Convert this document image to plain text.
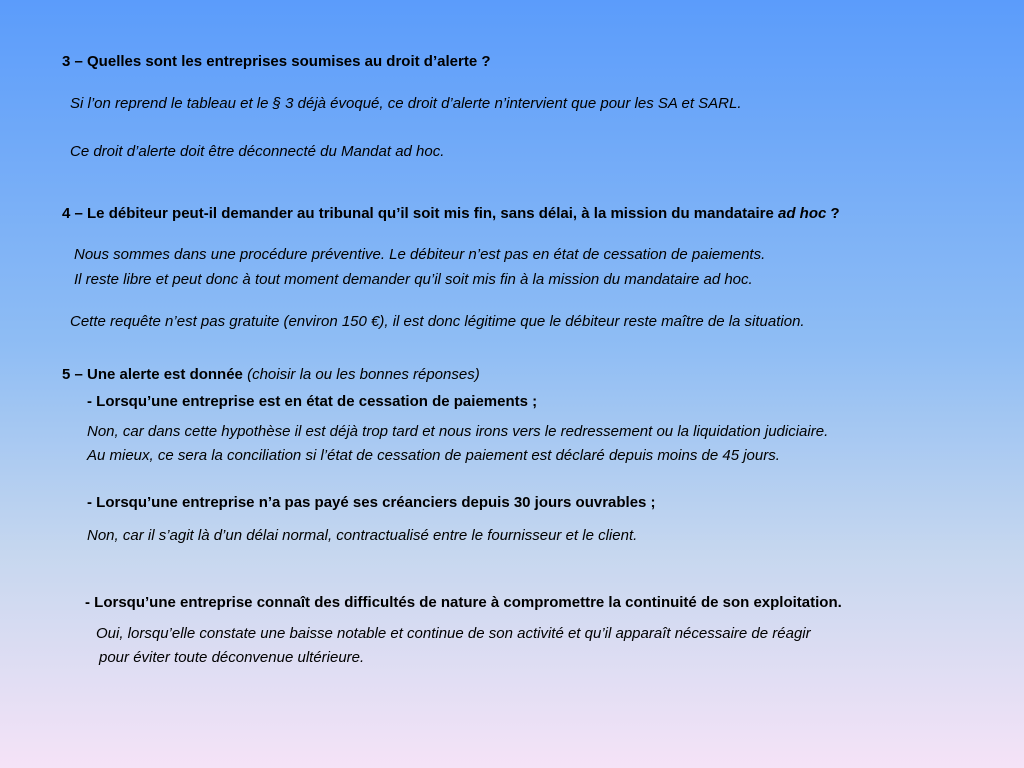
3 – Quelles sont les entreprises soumises au droit d’alerte ?
Si l’on reprend le tableau et le § 3 déjà évoqué, ce droit d’alerte n’intervient que pour les SA et SARL.
Ce droit d’alerte doit être déconnecté du Mandat ad hoc.
4 – Le débiteur peut-il demander au tribunal qu’il soit mis fin, sans délai, à la mission du mandataire ad hoc ?
Nous sommes dans une procédure préventive. Le débiteur n’est pas en état de cessation de paiements.
Il reste libre et peut donc à tout moment demander qu’il soit mis fin à la mission du mandataire ad hoc.
Cette requête n’est pas gratuite (environ 150 €), il est donc légitime que le débiteur reste maître de la situation.
5 – Une alerte est donnée (choisir la ou les bonnes réponses)
- Lorsqu’une entreprise est en état de cessation de paiements ;
Non, car dans cette hypothèse il est déjà trop tard et nous irons vers le redressement ou la liquidation judiciaire.
Au mieux, ce sera la conciliation si l’état de cessation de paiement est déclaré depuis moins de 45 jours.
- Lorsqu’une entreprise n’a pas payé ses créanciers depuis 30 jours ouvrables ;
Non, car il s’agit là d’un délai normal, contractualisé entre le fournisseur et le client.
- Lorsqu’une entreprise connaît des difficultés de nature à compromettre la continuité de son exploitation.
Oui, lorsqu’elle constate une baisse notable et continue de son activité et qu’il apparaît nécessaire de réagir
pour éviter toute déconvenue ultérieure.
